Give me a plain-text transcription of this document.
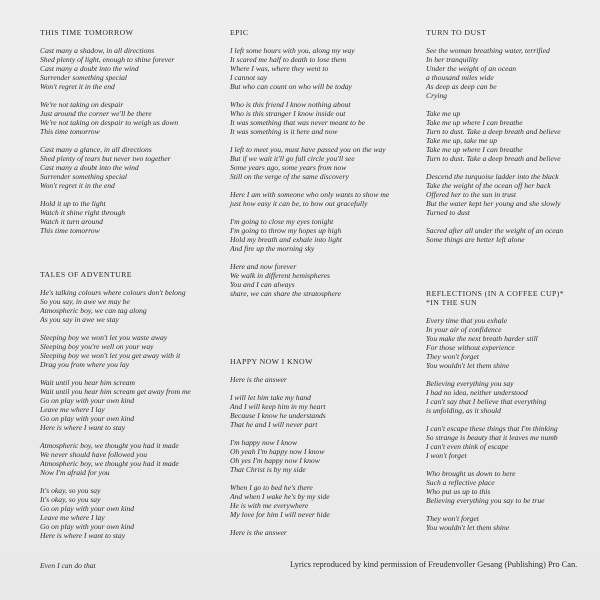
THIS TIME TOMORROW
Cast many a shadow, in all directions
Shed plenty of light, enough to shine forever
Cast many a doubt into the wind
Surrender something special
Won't regret it in the end
We're not taking on despair
Just around the corner we'll be there
We're not taking on despair to weigh us down
This time tomorrow
Cast many a glance, in all directions
Shed plenty of tears but never two together
Cast many a doubt into the wind
Surrender something special
Won't regret it in the end
Hold it up to the light
Watch it shine right through
Watch it turn around
This time tomorrow
TALES OF ADVENTURE
He's talking colours where colours don't belong
So you say, in awe we may be
Atmospheric boy, we can tag along
As you say in awe we stay
Sleeping boy we won't let you waste away
Sleeping boy you're well on your way
Sleeping boy we won't let you get away with it
Drag you from where you lay
Wait until you hear him scream
Wait until you hear him scream get away from me
Go on play with your own kind
Leave me where I lay
Go on play with your own kind
Here is where I want to stay
Atmospheric boy, we thought you had it made
We never should have followed you
Atmospheric boy, we thought you had it made
Now I'm afraid for you
It's okay, so you say
It's okay, so you say
Go on play with your own kind
Leave me where I lay
Go on play with your own kind
Here is where I want to stay
EPIC
I left some hours with you, along my way
It scared me half to death to lose them
Where I was, where they went to
I cannot say
But who can count on who will be today
Who is this friend I know nothing about
Who is this stranger I know inside out
It was something that was never meant to be
It was something is it here and now
I left to meet you, must have passed you on the way
But if we wait it'll go full circle you'll see
Some years ago, some years from now
Still on the verge of the same discovery
Here I am with someone who only wants to show me
just how easy it can be, to bow out gracefully
I'm going to close my eyes tonight
I'm going to throw my hopes up high
Hold my breath and exhale into light
And fire up the morning sky
Here and now forever
We walk in different hemispheres
You and I can always
share, we can share the stratosphere
HAPPY NOW I KNOW
Here is the answer
I will let him take my hand
And I will keep him in my heart
Because I know he understands
That he and I will never part
I'm happy now I know
Oh yeah I'm happy now I know
Oh yes I'm happy now I know
That Christ is by my side
When I go to bed he's there
And when I wake he's by my side
He is with me everywhere
My love for him I will never hide
Here is the answer
TURN TO DUST
See the woman breathing water, terrified
In her tranquility
Under the weight of an ocean
a thousand miles wide
As deep as deep can be
Crying
Take me up
Take me up where I can breathe
Turn to dust. Take a deep breath and believe
Take me up, take me up
Take me up where I can breathe
Turn to dust. Take a deep breath and believe
Descend the turquoise ladder into the black
Take the weight of the ocean off her back
Offered her to the sun in trust
But the water kept her young and she slowly
Turned to dust
Sacred after all under the weight of an ocean
Some things are better left alone
REFLECTIONS (IN A COFFEE CUP)*
*IN THE SUN
Every time that you exhale
In your air of confidence
You make the next breath harder still
For those without experience
They won't forget
You wouldn't let them shine
Believing everything you say
I had no idea, neither understood
I can't say that I believe that everything
is unfolding, as it should
I can't escape these things that I'm thinking
So strange is beauty that it leaves me numb
I can't even think of escape
I won't forget
Who brought us down to here
Such a reflective place
Who put us up to this
Believing everything you say to be true
They won't forget
You wouldn't let them shine
Even I can do that	Lyrics reproduced by kind permission of Freudenvoller Gesang (Publishing) Pro Can.
